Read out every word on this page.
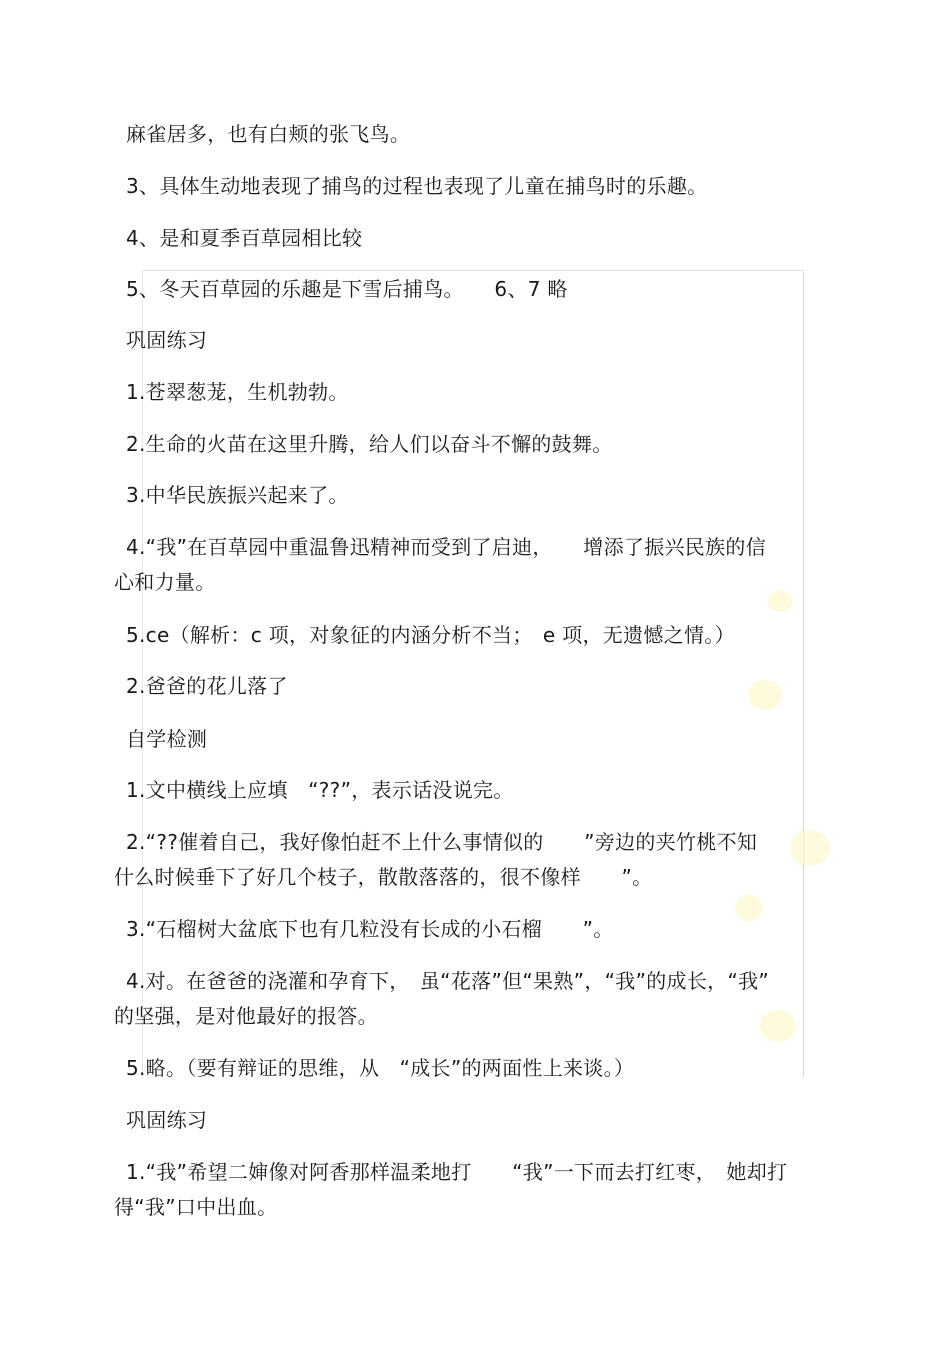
麻雀居多，也有白颊的张飞鸟。
3、具体生动地表现了捕鸟的过程也表现了儿童在捕鸟时的乐趣。
4、是和夏季百草园相比较
5、冬天百草园的乐趣是下雪后捕鸟。　　6、7 略
巩固练习
1.苍翠葱茏，生机勃勃。
2.生命的火苗在这里升腾，给人们以奋斗不懈的鼓舞。
3.中华民族振兴起来了。
4.“我”在百草园中重温鲁迅精神而受到了启迪，　　增添了振兴民族的信
心和力量。
5.ce（解析：c 项，对象征的内涵分析不当；　e 项，无遗憾之情。）
2.爸爸的花儿落了
自学检测
1.文中横线上应填　“??”，表示话没说完。
2.“??催着自己，我好像怕赶不上什么事情似的　　”旁边的夹竹桃不知
什么时候垂下了好几个枝子，散散落落的，很不像样　　”。
3.“石榴树大盆底下也有几粒没有长成的小石榴　　”。
4.对。在爸爸的浇灌和孕育下，　虽“花落”但“果熟”，“我”的成长，“我”
的坚强，是对他最好的报答。
5.略。（要有辩证的思维，从　“成长”的两面性上来谈。）
巩固练习
1.“我”希望二婶像对阿香那样温柔地打　　“我”一下而去打红枣，　她却打
得“我”口中出血。
